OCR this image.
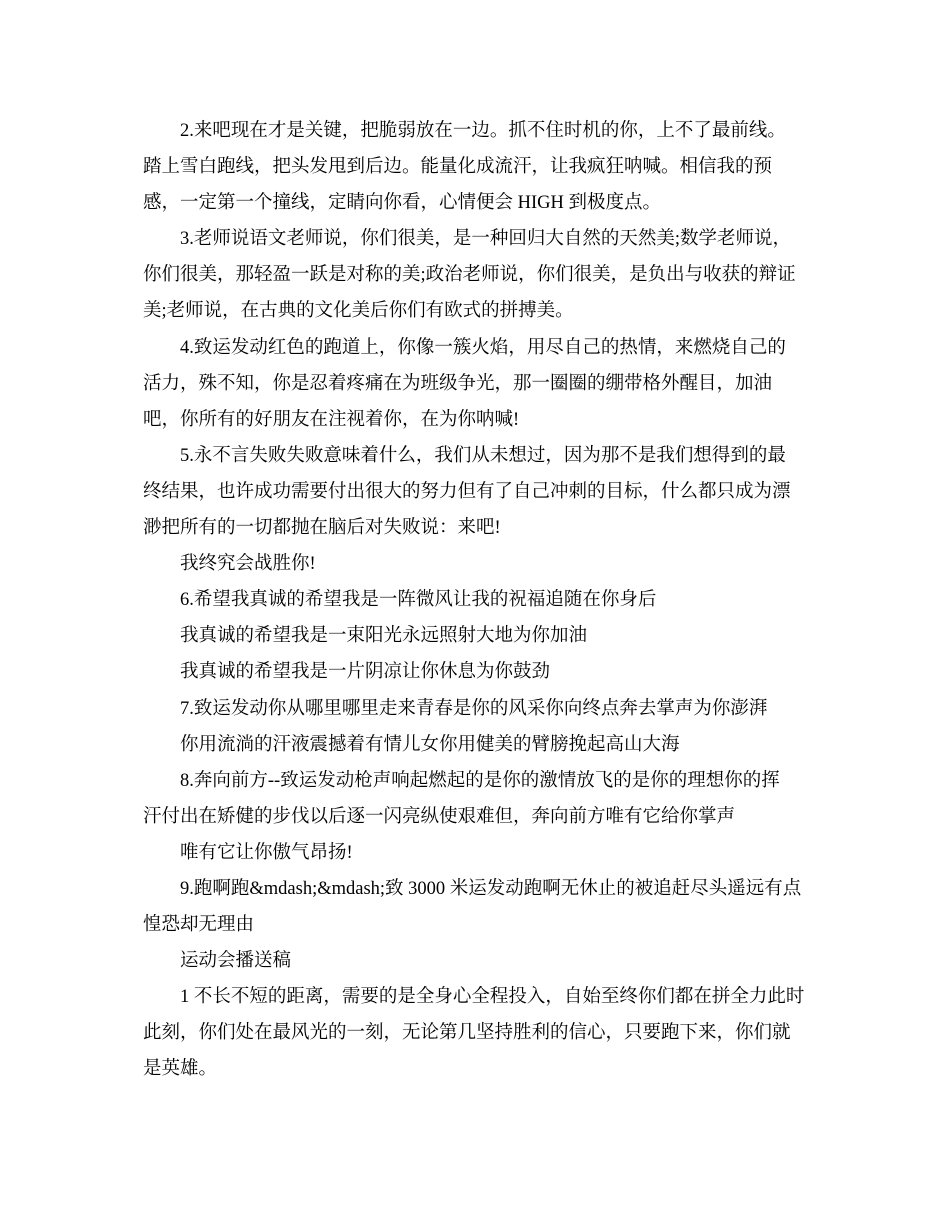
2.来吧现在才是关键，把脆弱放在一边。抓不住时机的你，上不了最前线。
踏上雪白跑线，把头发甩到后边。能量化成流汗，让我疯狂呐喊。相信我的预
感，一定第一个撞线，定睛向你看，心情便会 HIGH 到极度点。
3.老师说语文老师说，你们很美，是一种回归大自然的天然美;数学老师说，
你们很美，那轻盈一跃是对称的美;政治老师说，你们很美，是负出与收获的辩证
美;老师说，在古典的文化美后你们有欧式的拼搏美。
4.致运发动红色的跑道上，你像一簇火焰，用尽自己的热情，来燃烧自己的
活力，殊不知，你是忍着疼痛在为班级争光，那一圈圈的绷带格外醒目，加油
吧，你所有的好朋友在注视着你，在为你呐喊!
5.永不言失败失败意味着什么，我们从未想过，因为那不是我们想得到的最
终结果，也许成功需要付出很大的努力但有了自己冲刺的目标，什么都只成为漂
渺把所有的一切都抛在脑后对失败说：来吧!
我终究会战胜你!
6.希望我真诚的希望我是一阵微风让我的祝福追随在你身后
我真诚的希望我是一束阳光永远照射大地为你加油
我真诚的希望我是一片阴凉让你休息为你鼓劲
7.致运发动你从哪里哪里走来青春是你的风采你向终点奔去掌声为你澎湃
你用流淌的汗液震撼着有情儿女你用健美的臂膀挽起高山大海
8.奔向前方--致运发动枪声响起燃起的是你的激情放飞的是你的理想你的挥
汗付出在矫健的步伐以后逐一闪亮纵使艰难但，奔向前方唯有它给你掌声
唯有它让你傲气昂扬!
9.跑啊跑&mdash;&mdash;致 3000 米运发动跑啊无休止的被追赶尽头遥远有点
惶恐却无理由
运动会播送稿
1 不长不短的距离，需要的是全身心全程投入，自始至终你们都在拼全力此时
此刻，你们处在最风光的一刻，无论第几坚持胜利的信心，只要跑下来，你们就
是英雄。
